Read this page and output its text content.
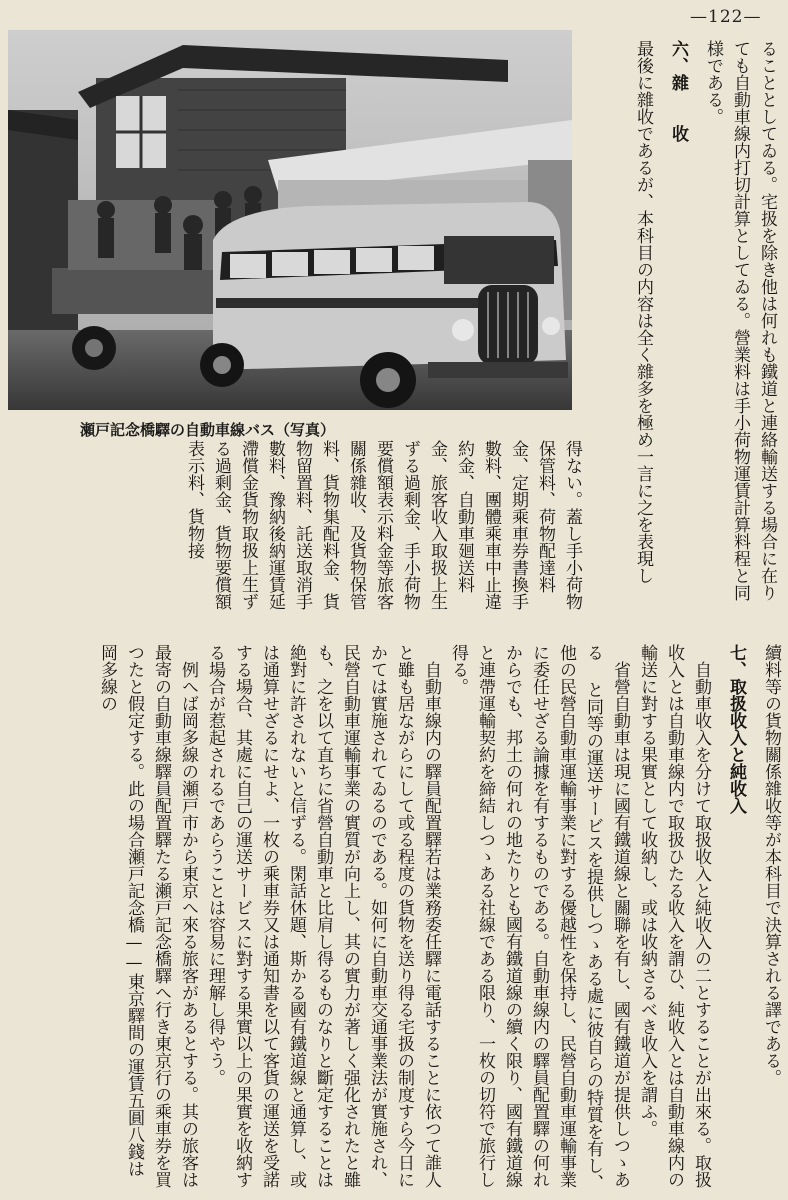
—122—
瀬戸記念橋驛の自動車線バス（写真）	ることとしてゐる。宅扱を除き他は何れも鐵道と連絡輸送する場合に在りても自動車線内打切計算としてゐる。營業料は手小荷物運賃計算料程と同様である。

六、雜　　收

最後に雜收であるが、本科目の内容は全く雜多を極め一言に之を表現し

得ない。蓋し手小荷物保管料、荷物配達料金、定期乘車券書換手數料、團體乘車中止違約金、自動車廻送料金、旅客收入取扱上生ずる過剩金、手小荷物要償額表示料金等旅客關係雜收、及貨物保管料、貨物集配料金、貨物留置料、託送取消手數料、豫納後納運賃延滯償金貨物取扱上生ずる過剩金、貨物要償額表示料、貨物接

續料等の貨物關係雜收等が本科目で決算される譯である。

七、取扱收入と純收入

自動車收入を分けて取扱收入と純收入の二とすることが出來る。取扱收入とは自動車線内で取扱ひたる收入を謂ひ、純收入とは自動車線内の輸送に對する果實として收納し、或は收納さるべき收入を謂ふ。

省營自動車は現に國有鐵道線と關聯を有し、國有鐵道が提供しつゝある と同等の運送サービスを提供しつゝある處に彼自らの特質を有し、他の民營自動車運輸事業に對する優越性を保持し、民營自動車運輸事業に委任せざる論據を有するものである。自動車線内の驛員配置驛の何れからでも、邦土の何れの地たりとも國有鐵道線の續く限り、國有鐵道線と連帶運輸契約を締結しつゝある社線である限り、一枚の切符で旅行し得る。

自動車線内の驛員配置驛若は業務委任驛に電話することに依つて誰人と雖も居ながらにして或る程度の貨物を送り得る宅扱の制度すら今日にかては實施されてゐるのである。如何に自動車交通事業法が實施され、民營自動車運輸事業の實質が向上し、其の實力が著しく强化されたと雖も、之を以て直ちに省營自動車と比肩し得るものなりと斷定することは絶對に許されないと信ずる。閑話休題、斯かる國有鐵道線と通算し、或は通算せざるにせよ、一枚の乘車券又は通知書を以て客貨の運送を受諾する場合、其處に自己の運送サービスに對する果實以上の果實を收納する場合が惹起されるであらうことは容易に理解し得やう。

例へば岡多線の瀬戸市から東京へ來る旅客があるとする。其の旅客は最寄の自動車線驛員配置驛たる瀬戸記念橋驛へ行き東京行の乘車券を買つたと假定する。此の場合瀬戸記念橋——東京驛間の運賃五圓八錢は岡多線の
